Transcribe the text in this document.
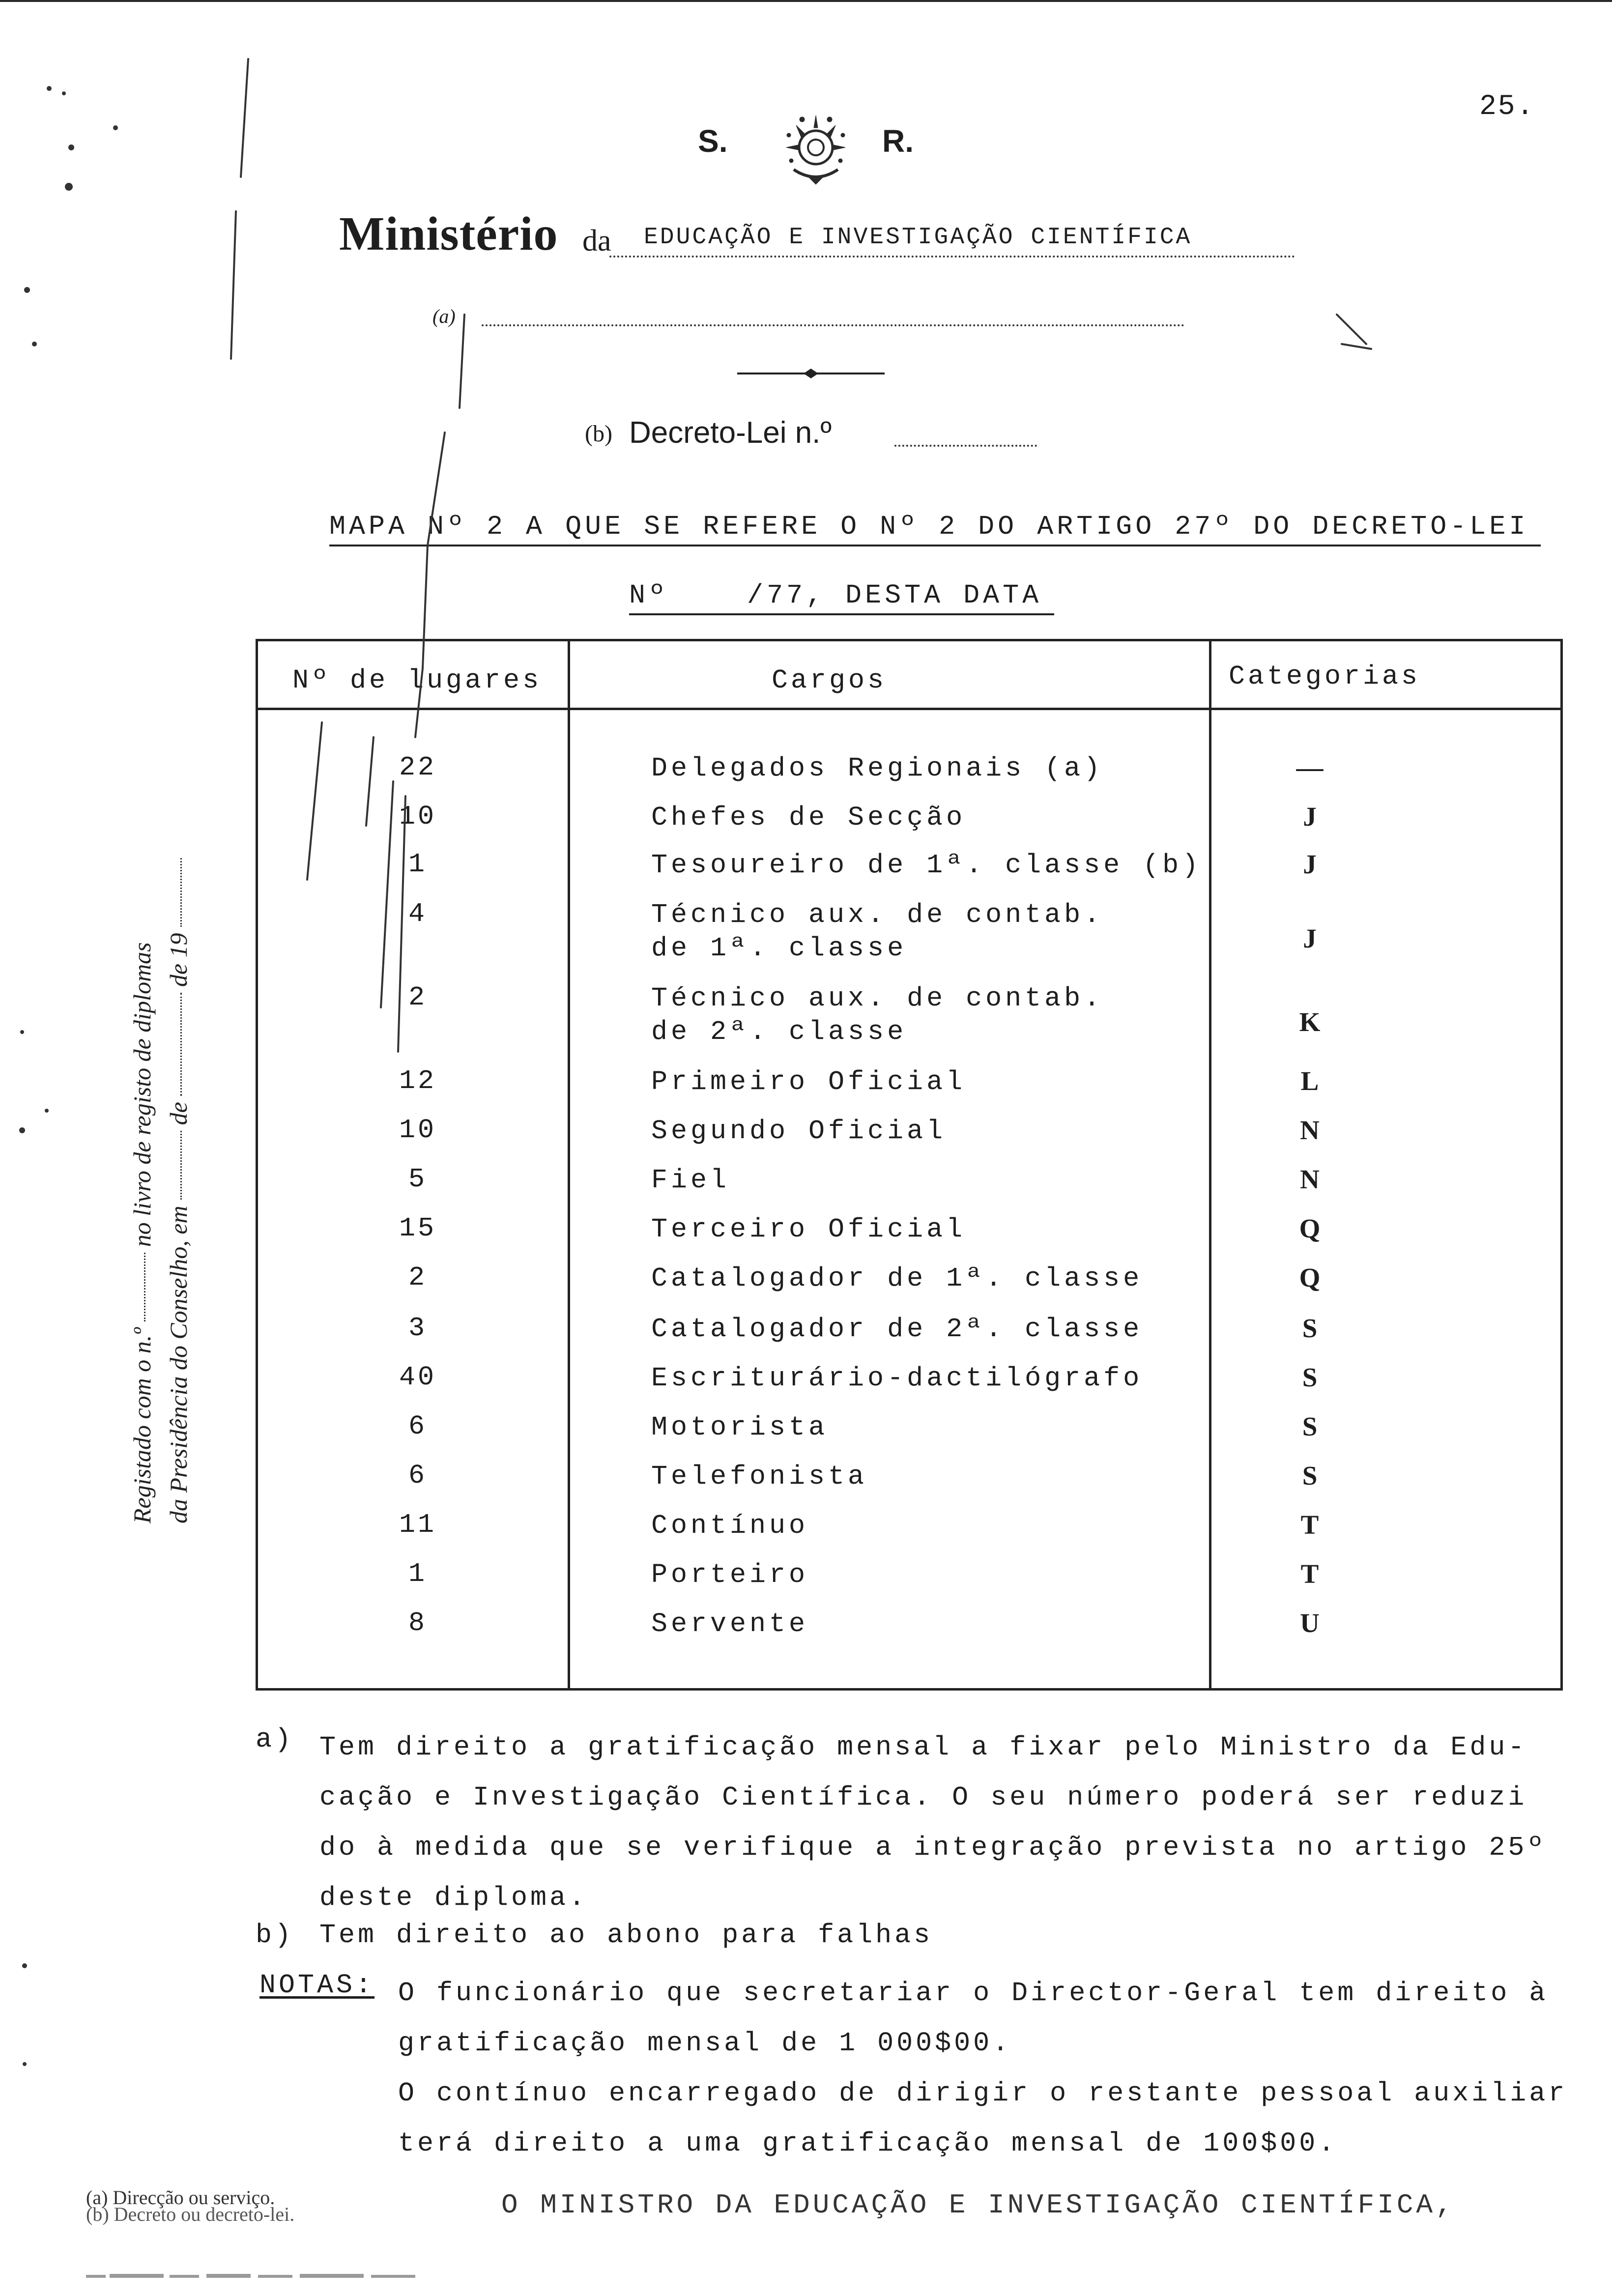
25.
S.	R.
Ministério da EDUCAÇÃO E INVESTIGAÇÃO CIENTÍFICA
(a)
(b) Decreto-Lei n.º
MAPA Nº 2 A QUE SE REFERE O Nº 2 DO ARTIGO 27º DO DECRETO-LEI
Nº    /77, DESTA DATA
Nº de lugares	Cargos	Categorias
22	Delegados Regionais (a)	—
10	Chefes de Secção	J
1	Tesoureiro de 1ª. classe (b)	J
4	Técnico aux. de contab.
de 1ª. classe	J
2	Técnico aux. de contab.
de 2ª. classe	K
12	Primeiro Oficial	L
10	Segundo Oficial	N
5	Fiel	N
15	Terceiro Oficial	Q
2	Catalogador de 1ª. classe	Q
3	Catalogador de 2ª. classe	S
40	Escriturário-dactilógrafo	S
6	Motorista	S
6	Telefonista	S
11	Contínuo	T
1	Porteiro	T
8	Servente	U
a) Tem direito a gratificação mensal a fixar pelo Ministro da Edu-
cação e Investigação Científica. O seu número poderá ser reduzi
do à medida que se verifique a integração prevista no artigo 25º
deste diploma.
b) Tem direito ao abono para falhas
NOTAS: O funcionário que secretariar o Director-Geral tem direito à
gratificação mensal de 1 000$00.
O contínuo encarregado de dirigir o restante pessoal auxiliar
terá direito a uma gratificação mensal de 100$00.
(a) Direcção ou serviço.
(b) Decreto ou decreto-lei.	O MINISTRO DA EDUCAÇÃO E INVESTIGAÇÃO CIENTÍFICA,
Registado com o n.ºno livro de registo de diplomas
da Presidência do Conselho, emdede 19
